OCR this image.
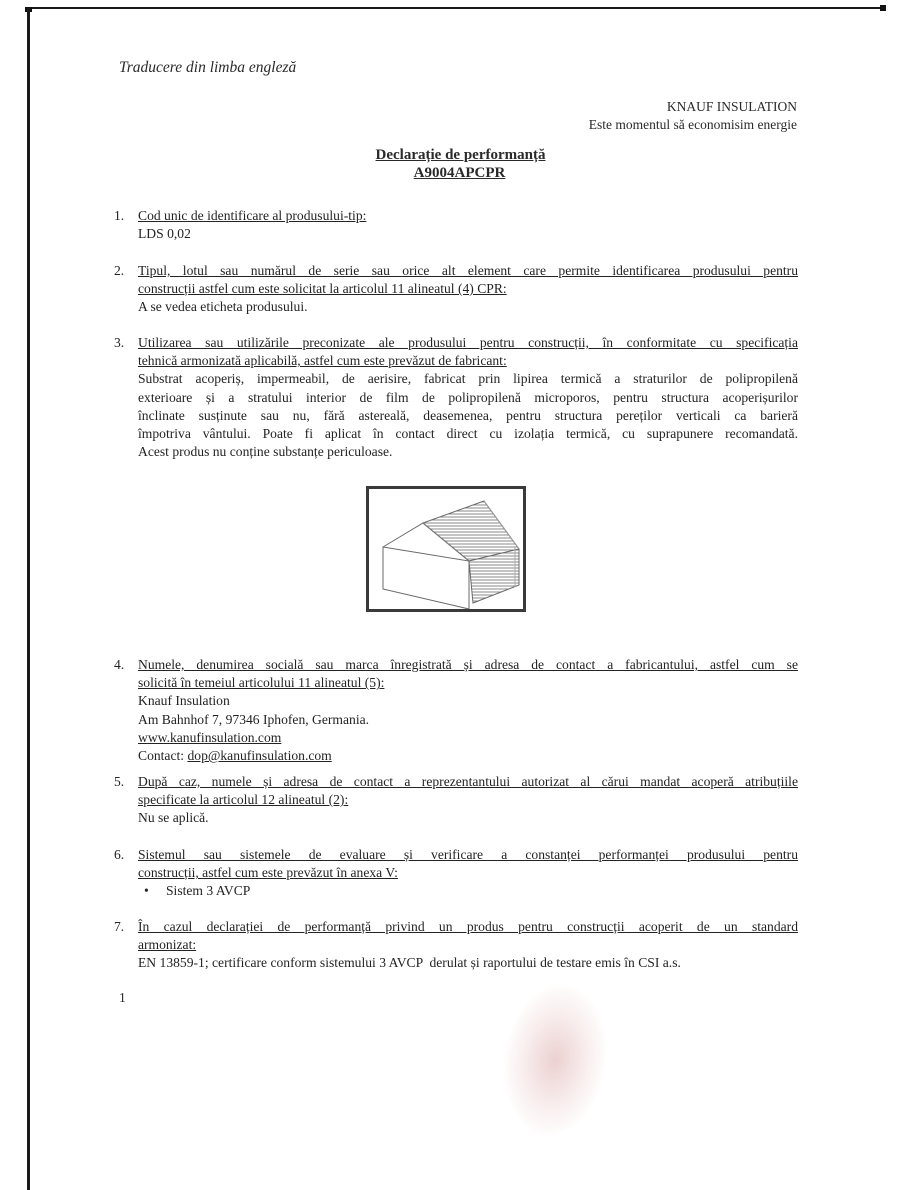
Traducere din limba engleză
KNAUF INSULATION
Este momentul să economisim energie
Declarație de performanță
A9004APCPR
1. Cod unic de identificare al produsului-tip:
LDS 0,02
2. Tipul, lotul sau numărul de serie sau orice alt element care permite identificarea produsului pentru
construcții astfel cum este solicitat la articolul 11 alineatul (4) CPR:
A se vedea eticheta produsului.
3. Utilizarea sau utilizările preconizate ale produsului pentru construcții, în conformitate cu specificația
tehnică armonizată aplicabilă, astfel cum este prevăzut de fabricant:
Substrat acoperiș, impermeabil, de aerisire, fabricat prin lipirea termică a straturilor de polipropilenă
exterioare și a stratului interior de film de polipropilenă microporos, pentru structura acoperișurilor
înclinate susținute sau nu, fără astereală, deasemenea, pentru structura pereților verticali ca barieră
împotriva vântului. Poate fi aplicat în contact direct cu izolația termică, cu suprapunere recomandată.
Acest produs nu conține substanțe periculoase.
4. Numele, denumirea socială sau marca înregistrată și adresa de contact a fabricantului, astfel cum se
solicită în temeiul articolului 11 alineatul (5):
Knauf Insulation
Am Bahnhof 7, 97346 Iphofen, Germania.
www.kanufinsulation.com
Contact: dop@kanufinsulation.com
5. După caz, numele și adresa de contact a reprezentantului autorizat al cărui mandat acoperă atribuțiile
specificate la articolul 12 alineatul (2):
Nu se aplică.
6. Sistemul sau sistemele de evaluare și verificare a constanței performanței produsului pentru
construcții, astfel cum este prevăzut în anexa V:
• Sistem 3 AVCP
7. În cazul declarației de performanță privind un produs pentru construcții acoperit de un standard
armonizat:
EN 13859-1; certificare conform sistemului 3 AVCP  derulat și raportului de testare emis în CSI a.s.
1
